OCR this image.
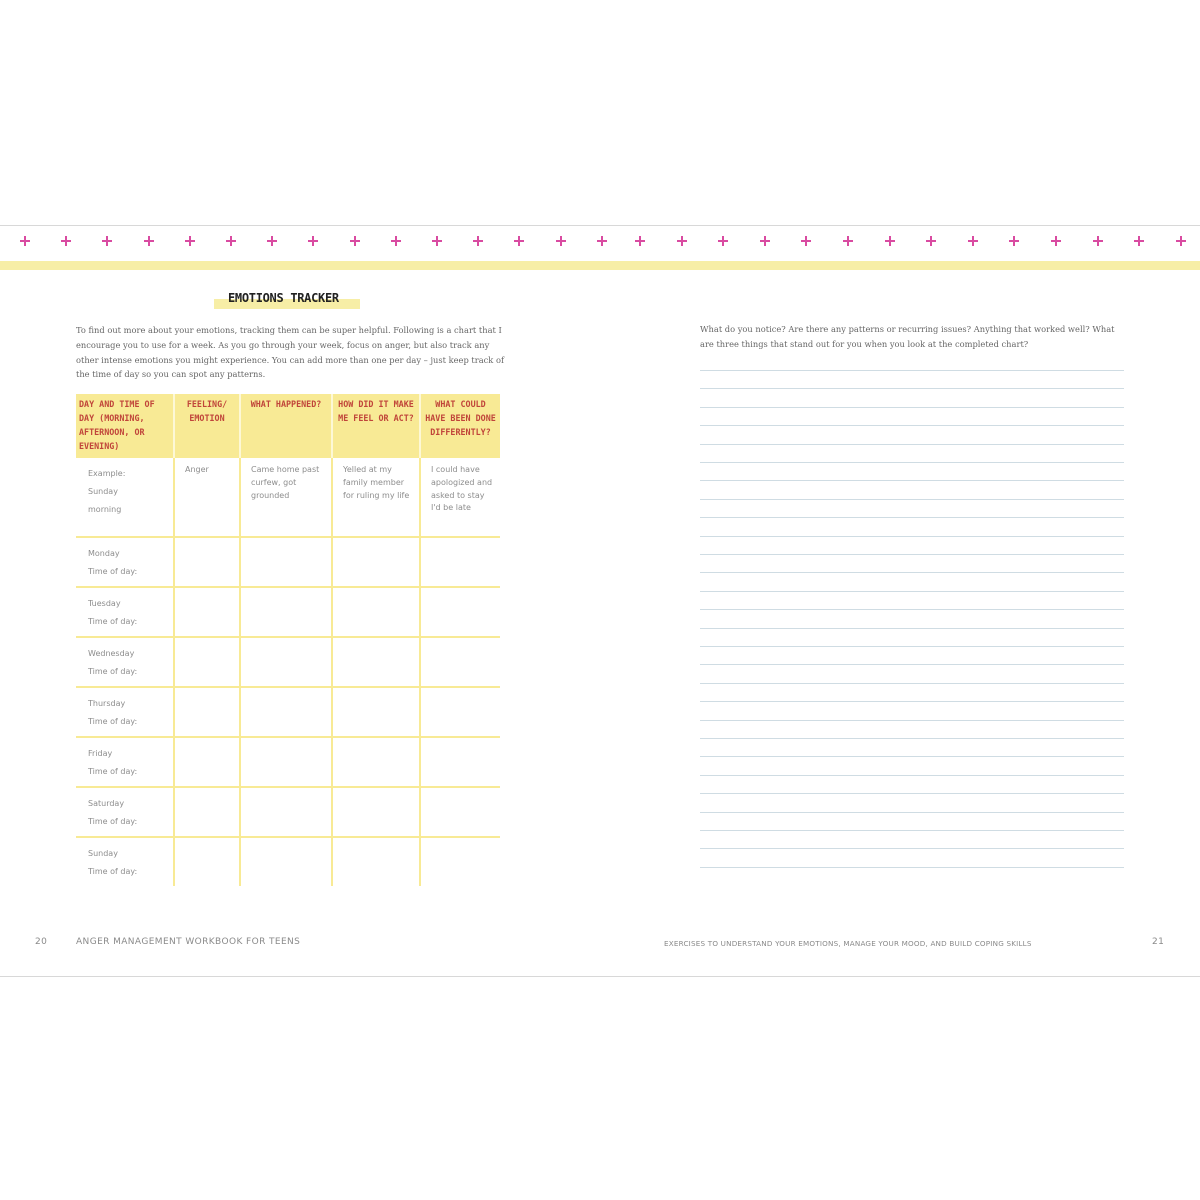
EMOTIONS TRACKER

To find out more about your emotions, tracking them can be super helpful. Following is a chart that I encourage you to use for a week. As you go through your week, focus on anger, but also track any other intense emotions you might experience. You can add more than one per day – just keep track of the time of day so you can spot any patterns.

DAY AND TIME OF DAY (MORNING, AFTERNOON, OR EVENING)	FEELING/ EMOTION	WHAT HAPPENED?	HOW DID IT MAKE ME FEEL OR ACT?	WHAT COULD HAVE BEEN DONE DIFFERENTLY?

Example:
Sunday
morning	Anger	Came home past curfew, got grounded	Yelled at my family member for ruling my life	I could have apologized and asked to stay I'd be late

Monday
Time of day:				

Tuesday
Time of day:				

Wednesday
Time of day:				

Thursday
Time of day:				

Friday
Time of day:				

Saturday
Time of day:				

Sunday
Time of day:				

20	ANGER MANAGEMENT WORKBOOK FOR TEENS

What do you notice? Are there any patterns or recurring issues? Anything that worked well? What are three things that stand out for you when you look at the completed chart?

EXERCISES TO UNDERSTAND YOUR EMOTIONS, MANAGE YOUR MOOD, AND BUILD COPING SKILLS	21
